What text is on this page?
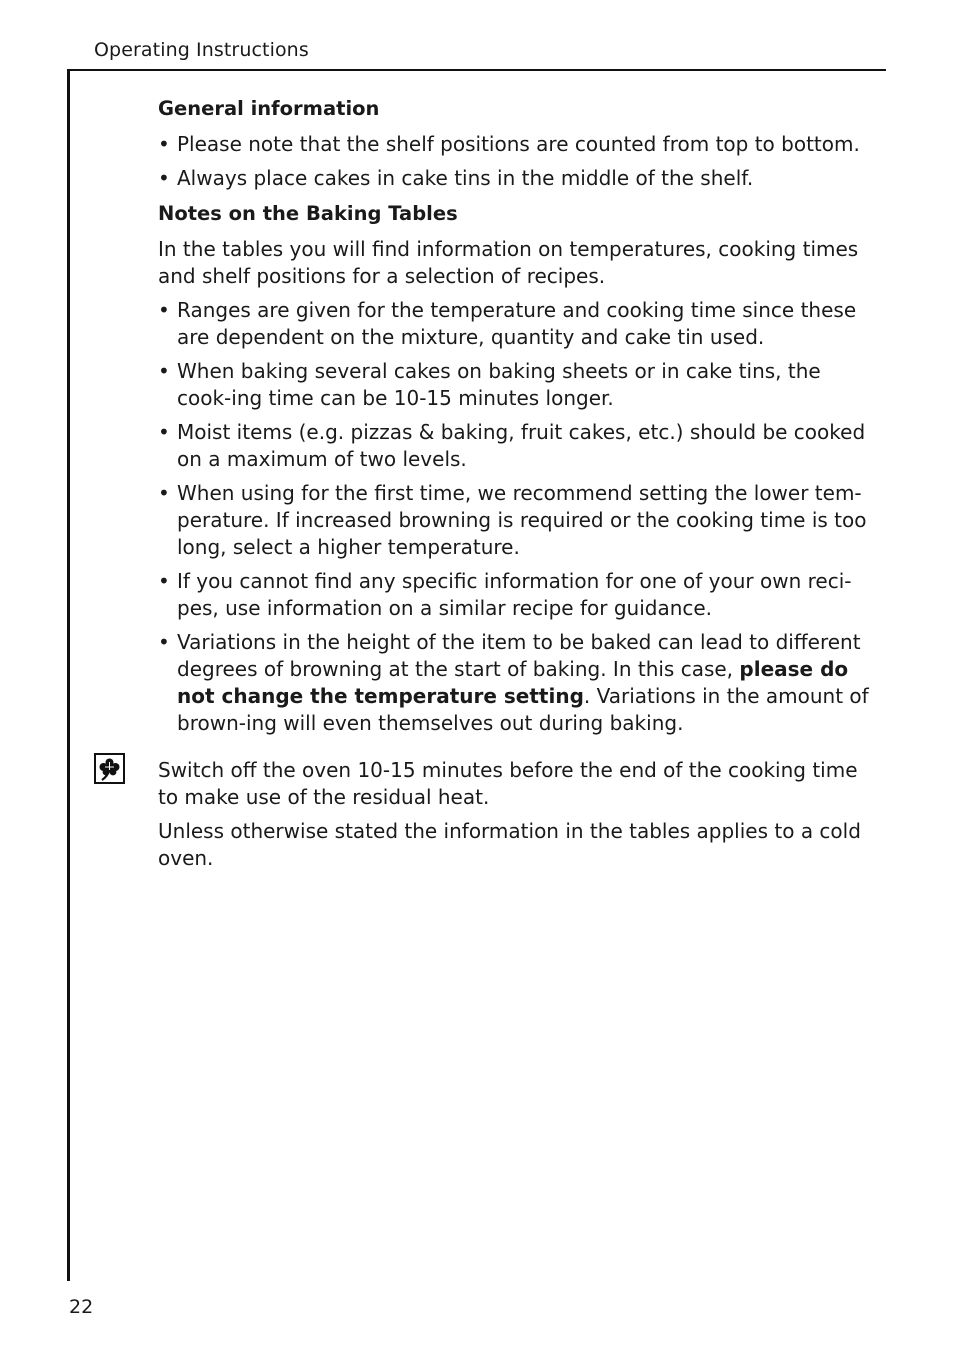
Operating Instructions
General information
• Please note that the shelf positions are counted from top to bottom.
• Always place cakes in cake tins in the middle of the shelf.
Notes on the Baking Tables

In the tables you will find information on temperatures, cooking times and shelf positions for a selection of recipes.

• Ranges are given for the temperature and cooking time since these are dependent on the mixture, quantity and cake tin used.
• When baking several cakes on baking sheets or in cake tins, the cook-ing time can be 10-15 minutes longer.
• Moist items (e.g. pizzas & baking, fruit cakes, etc.) should be cooked on a maximum of two levels.
• When using for the first time, we recommend setting the lower tem-perature. If increased browning is required or the cooking time is too long, select a higher temperature.
• If you cannot find any specific information for one of your own reci-pes, use information on a similar recipe for guidance.
• Variations in the height of the item to be baked can lead to different degrees of browning at the start of baking. In this case, please do not change the temperature setting. Variations in the amount of brown-ing will even themselves out during baking.

Switch off the oven 10-15 minutes before the end of the cooking time to make use of the residual heat.

Unless otherwise stated the information in the tables applies to a cold oven.

22
